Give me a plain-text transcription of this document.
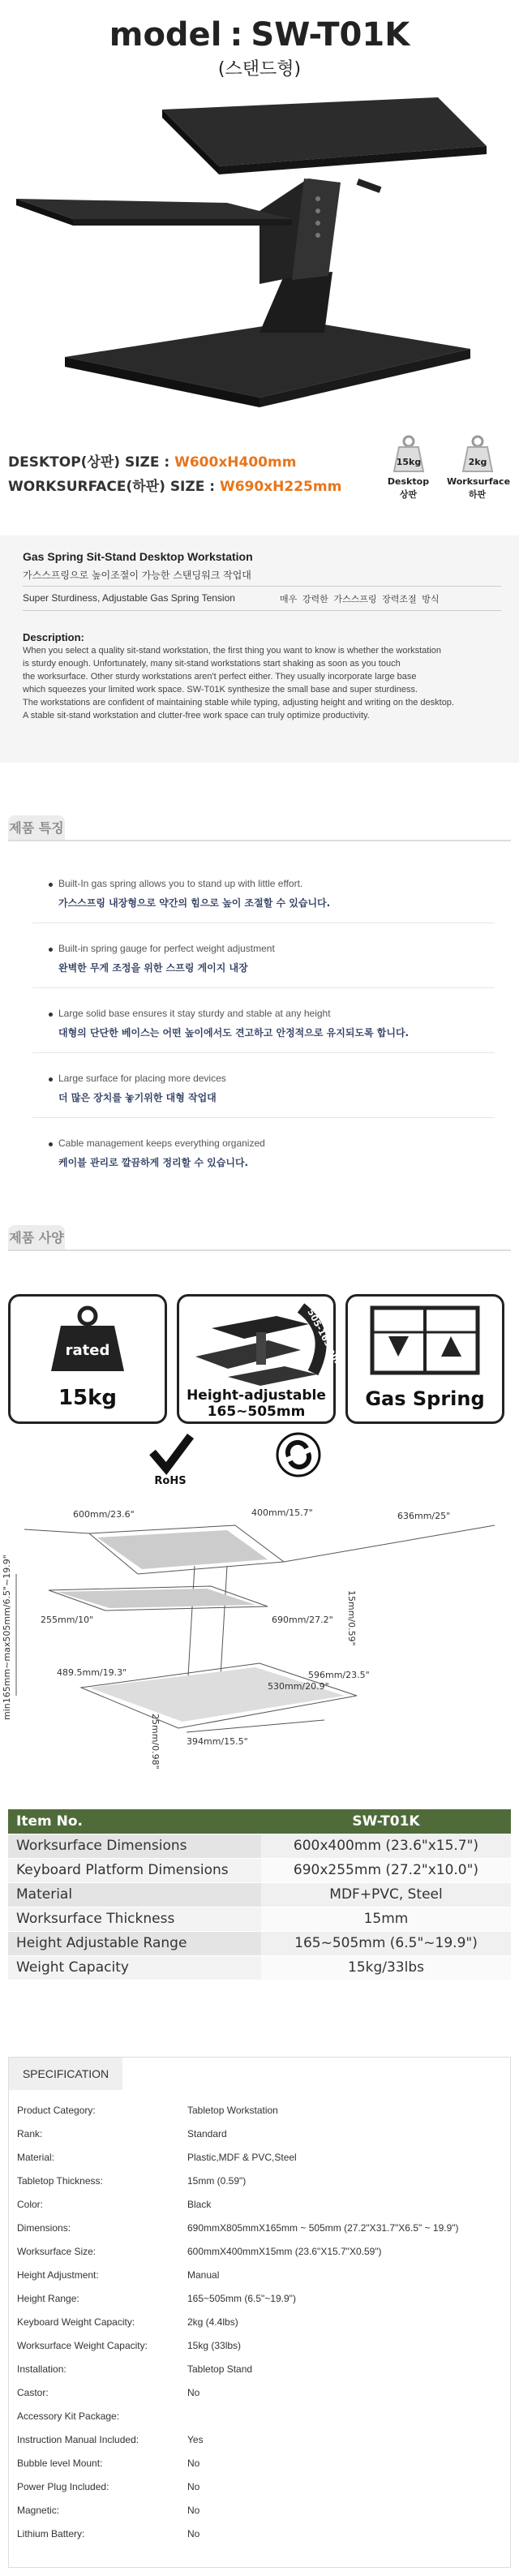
model : SW-T01K
(스탠드형)
DESKTOP(상판) SIZE : W600xH400mm
WORKSURFACE(하판) SIZE : W690xH225mm
15kg
Desktop
상판
2kg
Worksurface
하판
Gas Spring Sit-Stand Desktop Workstation
가스스프링으로 높이조절이 가능한 스탠딩워크 작업대
Super Sturdiness, Adjustable Gas Spring Tension	매우 강력한 가스스프링 장력조절 방식
Description:
When you select a quality sit-stand workstation, the first thing you want to know is whether the workstation
is sturdy enough. Unfortunately, many sit-stand workstations start shaking as soon as you touch
the worksurface. Other sturdy workstations aren't perfect either. They usually incorporate large base
which squeezes your limited work space. SW-T01K synthesize the small base and super sturdiness.
The workstations are confident of maintaining stable while typing, adjusting height and writing on the desktop.
A stable sit-stand workstation and clutter-free work space can truly optimize productivity.
제품 특징
Built-In gas spring allows you to stand up with little effort.
가스스프링 내장형으로 약간의 힘으로 높이 조절할 수 있습니다.
Built-in spring gauge for perfect weight adjustment
완벽한 무게 조정을 위한 스프링 게이지 내장
Large solid base ensures it stay sturdy and stable at any height
대형의 단단한 베이스는 어떤 높이에서도 견고하고 안정적으로 유지되도록 합니다.
Large surface for placing more devices
더 많은 장치를 놓기위한 대형 작업대
Cable management keeps everything organized
케이블 관리로 깔끔하게 정리할 수 있습니다.
제품 사양
rated
15kg
505-165mm
Height-adjustable
165~505mm
Gas Spring
RoHS
600mm/23.6"	400mm/15.7"	636mm/25"
15mm/0.59"
255mm/10"	690mm/27.2"
min165mm~max505mm/6.5"~19.9"	489.5mm/19.3"	596mm/23.5"
530mm/20.9"
394mm/15.5"
25mm/0.98"
Item No.	SW-T01K
Worksurface Dimensions	600x400mm (23.6"x15.7")
Keyboard Platform Dimensions	690x255mm (27.2"x10.0")
Material	MDF+PVC, Steel
Worksurface Thickness	15mm
Height Adjustable Range	165~505mm (6.5"~19.9")
Weight Capacity	15kg/33lbs
SPECIFICATION
Product Category:	Tabletop Workstation
Rank:	Standard
Material:	Plastic,MDF & PVC,Steel
Tabletop Thickness:	15mm (0.59")
Color:	Black
Dimensions:	690mmX805mmX165mm ~ 505mm (27.2"X31.7"X6.5" ~ 19.9")
Worksurface Size:	600mmX400mmX15mm (23.6"X15.7"X0.59")
Height Adjustment:	Manual
Height Range:	165~505mm (6.5"~19.9")
Keyboard Weight Capacity:	2kg (4.4lbs)
Worksurface Weight Capacity:	15kg (33lbs)
Installation:	Tabletop Stand
Castor:	No
Accessory Kit Package:
Instruction Manual Included:	Yes
Bubble level Mount:	No
Power Plug Included:	No
Magnetic:	No
Lithium Battery:	No
